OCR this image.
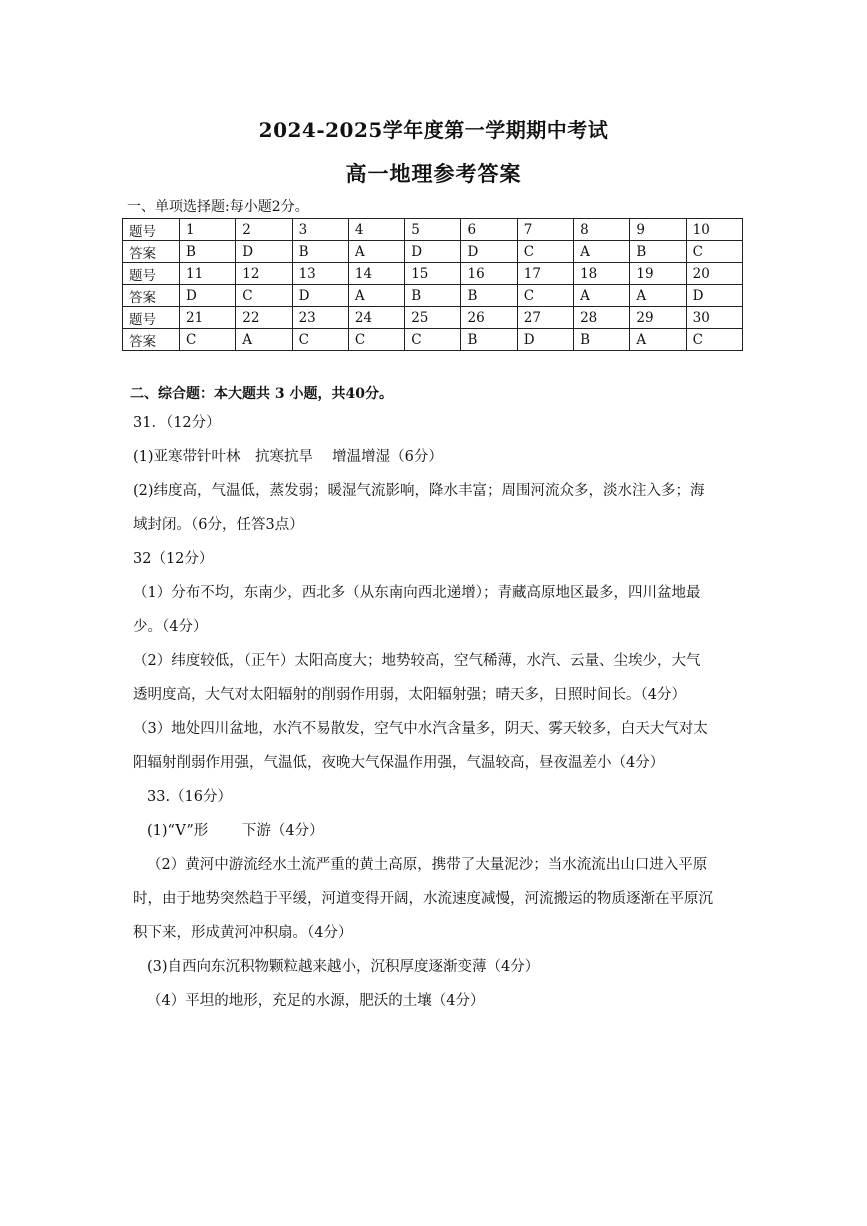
2024-2025学年度第一学期期中考试
高一地理参考答案
一、单项选择题:每小题2分。
题号	1	2	3	4	5	6	7	8	9	10
答案	B	D	B	A	D	D	C	A	B	C
题号	11	12	13	14	15	16	17	18	19	20
答案	D	C	D	A	B	B	C	A	A	D
题号	21	22	23	24	25	26	27	28	29	30
答案	C	A	C	C	C	B	D	B	A	C
二、综合题：本大题共 3 小题，共40分。
31．（12分）
(1)亚寒带针叶林　抗寒抗旱　 增温增湿（6分）
(2)纬度高，气温低，蒸发弱；暖湿气流影响，降水丰富；周围河流众多，淡水注入多；海
域封闭。（6分，任答3点）
32（12分）
（1）分布不均，东南少，西北多（从东南向西北递增）；青藏高原地区最多，四川盆地最
少。（4分）
（2）纬度较低，（正午）太阳高度大；地势较高，空气稀薄，水汽、云量、尘埃少，大气
透明度高，大气对太阳辐射的削弱作用弱，太阳辐射强；晴天多，日照时间长。（4分）
（3）地处四川盆地，水汽不易散发，空气中水汽含量多，阴天、雾天较多，白天大气对太
阳辐射削弱作用强，气温低，夜晚大气保温作用强，气温较高，昼夜温差小（4分）
33.（16分）
(1)“V”形　　 下游（4分）
（2）黄河中游流经水土流严重的黄土高原，携带了大量泥沙；当水流流出山口进入平原
时，由于地势突然趋于平缓，河道变得开阔，水流速度减慢，河流搬运的物质逐渐在平原沉
积下来，形成黄河冲积扇。（4分）
(3)自西向东沉积物颗粒越来越小，沉积厚度逐渐变薄（4分）
（4）平坦的地形，充足的水源，肥沃的土壤（4分）
